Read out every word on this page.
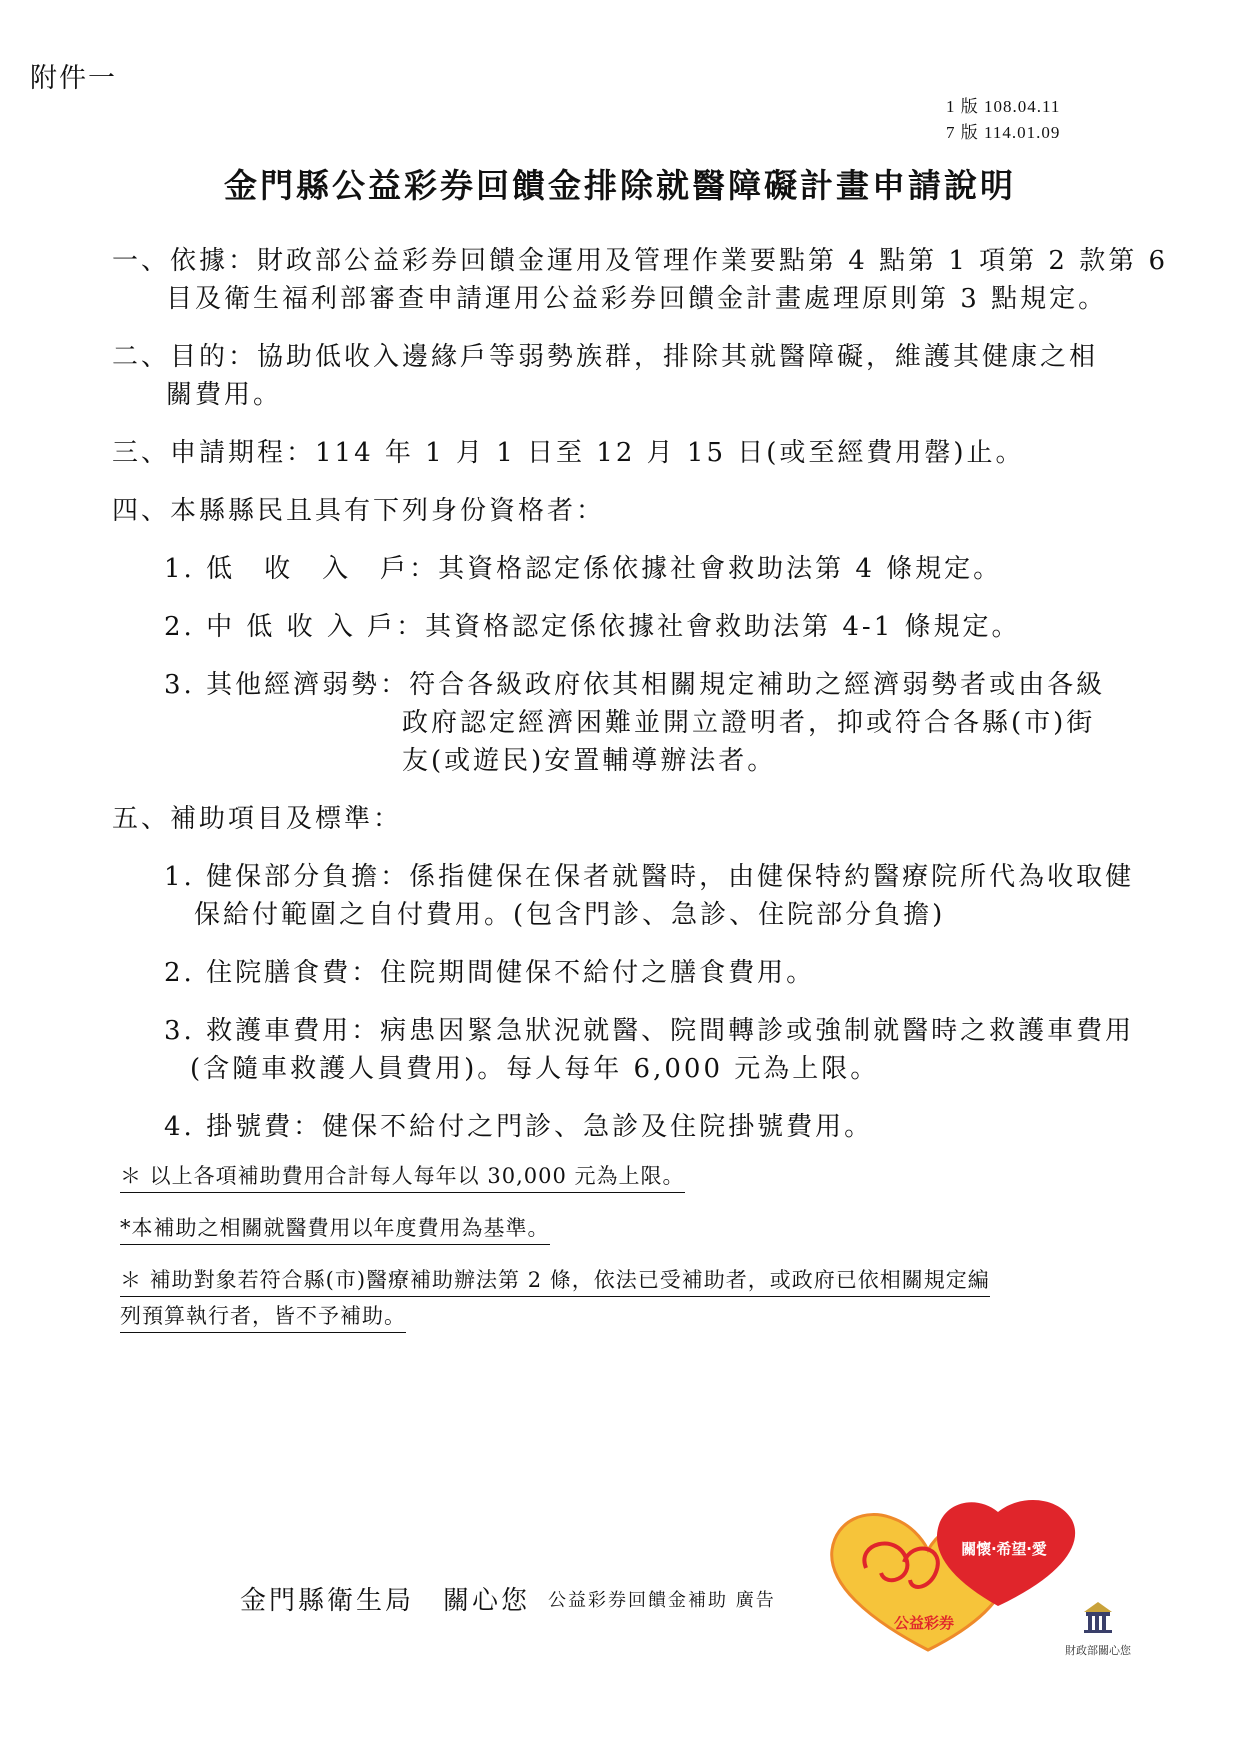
附件一
1 版 108.04.11
7 版 114.01.09
金門縣公益彩券回饋金排除就醫障礙計畫申請說明
一、依據：財政部公益彩券回饋金運用及管理作業要點第 4 點第 1 項第 2 款第 6
目及衛生福利部審查申請運用公益彩券回饋金計畫處理原則第 3 點規定。
二、目的：協助低收入邊緣戶等弱勢族群，排除其就醫障礙，維護其健康之相
關費用。
三、申請期程：114 年 1 月 1 日至 12 月 15 日(或至經費用罄)止。
四、本縣縣民且具有下列身份資格者：
1. 低　收　入　戶：其資格認定係依據社會救助法第 4 條規定。
2. 中 低 收 入 戶：其資格認定係依據社會救助法第 4-1 條規定。
3. 其他經濟弱勢：符合各級政府依其相關規定補助之經濟弱勢者或由各級
政府認定經濟困難並開立證明者，抑或符合各縣(市)街
友(或遊民)安置輔導辦法者。
五、補助項目及標準：
1. 健保部分負擔：係指健保在保者就醫時，由健保特約醫療院所代為收取健
保給付範圍之自付費用。(包含門診、急診、住院部分負擔)
2. 住院膳食費：住院期間健保不給付之膳食費用。
3. 救護車費用：病患因緊急狀況就醫、院間轉診或強制就醫時之救護車費用
(含隨車救護人員費用)。每人每年 6,000 元為上限。
4. 掛號費：健保不給付之門診、急診及住院掛號費用。
＊ 以上各項補助費用合計每人每年以 30,000 元為上限。
*本補助之相關就醫費用以年度費用為基準。
＊ 補助對象若符合縣(市)醫療補助辦法第 2 條，依法已受補助者，或政府已依相關規定編
列預算執行者，皆不予補助。
金門縣衛生局　關心您 公益彩券回饋金補助 廣告
關懷‧希望‧愛
公益彩券
財政部關心您
